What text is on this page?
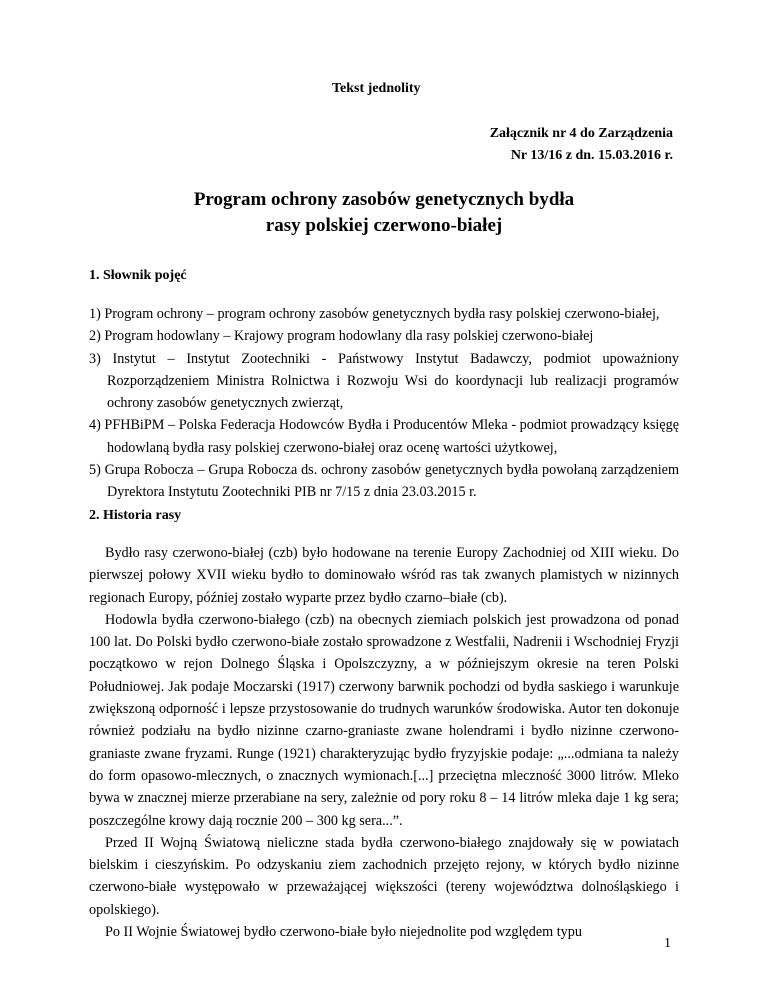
Tekst jednolity
Załącznik nr 4 do Zarządzenia
Nr 13/16 z dn. 15.03.2016 r.
Program ochrony zasobów genetycznych bydła
rasy polskiej czerwono-białej
1. Słownik pojęć
1) Program ochrony – program ochrony zasobów genetycznych bydła rasy polskiej czerwono-białej,
2) Program hodowlany – Krajowy program hodowlany dla rasy polskiej czerwono-białej
3) Instytut – Instytut Zootechniki - Państwowy Instytut Badawczy, podmiot upoważniony Rozporządzeniem Ministra Rolnictwa i Rozwoju Wsi do koordynacji lub realizacji programów ochrony zasobów genetycznych zwierząt,
4) PFHBiPM – Polska Federacja Hodowców Bydła i Producentów Mleka - podmiot prowadzący księgę hodowlaną bydła rasy polskiej czerwono-białej oraz ocenę wartości użytkowej,
5) Grupa Robocza – Grupa Robocza ds. ochrony zasobów genetycznych bydła powołaną zarządzeniem Dyrektora Instytutu Zootechniki PIB nr 7/15 z dnia 23.03.2015 r.
2. Historia rasy
Bydło rasy czerwono-białej (czb) było hodowane na terenie Europy Zachodniej od XIII wieku. Do pierwszej połowy XVII wieku bydło to dominowało wśród ras tak zwanych plamistych w nizinnych regionach Europy, później zostało wyparte przez bydło czarno–białe (cb).
Hodowla bydła czerwono-białego (czb) na obecnych ziemiach polskich jest prowadzona od ponad 100 lat. Do Polski bydło czerwono-białe zostało sprowadzone z Westfalii, Nadrenii i Wschodniej Fryzji początkowo w rejon Dolnego Śląska i Opolszczyzny, a w późniejszym okresie na teren Polski Południowej. Jak podaje Moczarski (1917) czerwony barwnik pochodzi od bydła saskiego i warunkuje zwiększoną odporność i lepsze przystosowanie do trudnych warunków środowiska. Autor ten dokonuje również podziału na bydło nizinne czarno-graniaste zwane holendrami i bydło nizinne czerwono-graniaste zwane fryzami. Runge (1921) charakteryzując bydło fryzyjskie podaje: „...odmiana ta należy do form opasowo-mlecznych, o znacznych wymionach.[...] przeciętna mleczność 3000 litrów. Mleko bywa w znacznej mierze przerabiane na sery, zależnie od pory roku 8 – 14 litrów mleka daje 1 kg sera; poszczególne krowy dają rocznie 200 – 300 kg sera...”.
Przed II Wojną Światową nieliczne stada bydła czerwono-białego znajdowały się w powiatach bielskim i cieszyńskim. Po odzyskaniu ziem zachodnich przejęto rejony, w których bydło nizinne czerwono-białe występowało w przeważającej większości (tereny województwa dolnośląskiego i opolskiego).
Po II Wojnie Światowej bydło czerwono-białe było niejednolite pod względem typu
1
